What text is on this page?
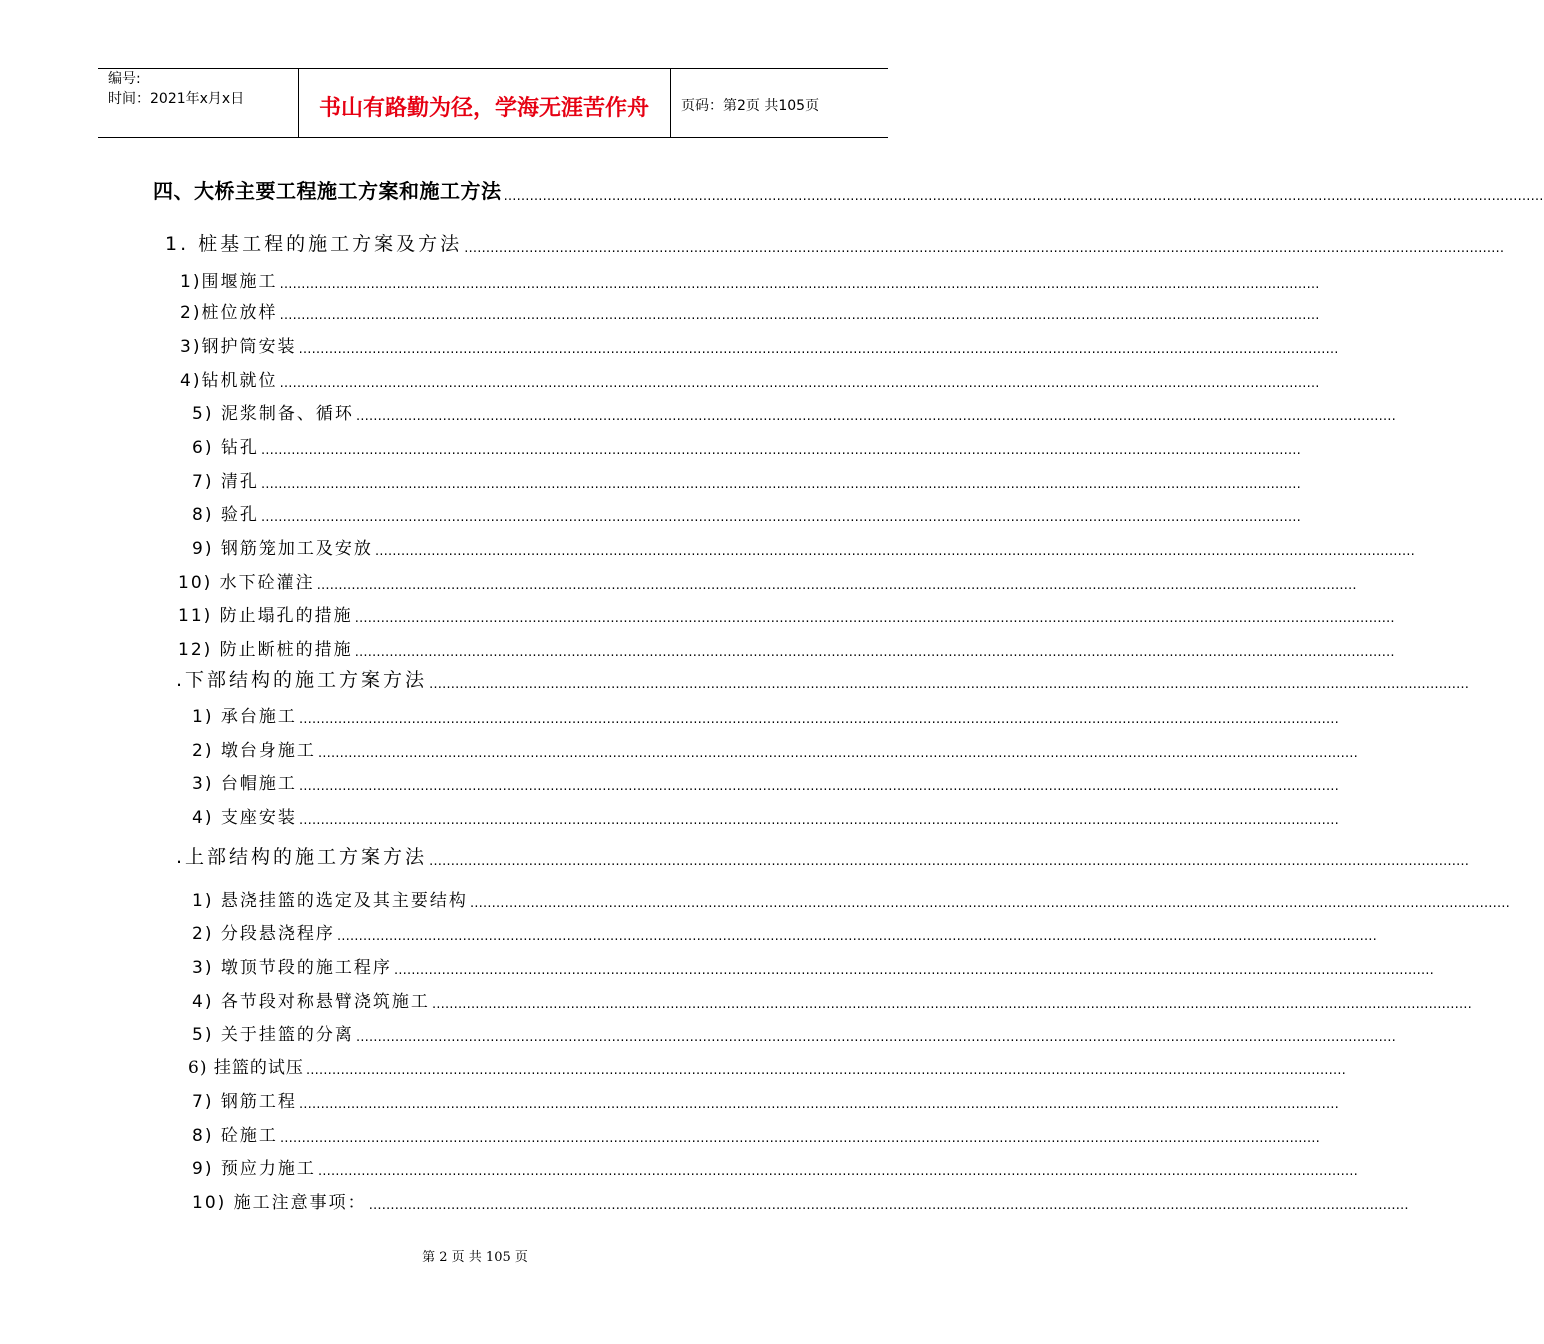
编号:
时间：2021年x月x日	书山有路勤为径，学海无涯苦作舟	页码：第2页 共105页
四、大桥主要工程施工方案和施工方法 ……………………………………………………………………………………………………………………………………………………………………………………………………………………
1. 桩基工程的施工方案及方法 ……………………………………………………………………………………………………………………………………………………………………………………………………………………
1)围堰施工 ……………………………………………………………………………………………………………………………………………………………………………………………………………………
2)桩位放样 ……………………………………………………………………………………………………………………………………………………………………………………………………………………
3)钢护筒安装 ……………………………………………………………………………………………………………………………………………………………………………………………………………………
4)钻机就位 ……………………………………………………………………………………………………………………………………………………………………………………………………………………
5) 泥浆制备、循环 ……………………………………………………………………………………………………………………………………………………………………………………………………………………
6) 钻孔 ……………………………………………………………………………………………………………………………………………………………………………………………………………………
7) 清孔 ……………………………………………………………………………………………………………………………………………………………………………………………………………………
8) 验孔 ……………………………………………………………………………………………………………………………………………………………………………………………………………………
9) 钢筋笼加工及安放 ……………………………………………………………………………………………………………………………………………………………………………………………………………………
10) 水下砼灌注 ……………………………………………………………………………………………………………………………………………………………………………………………………………………
11) 防止塌孔的措施 ……………………………………………………………………………………………………………………………………………………………………………………………………………………
12) 防止断桩的措施 ……………………………………………………………………………………………………………………………………………………………………………………………………………………
.下部结构的施工方案方法 ……………………………………………………………………………………………………………………………………………………………………………………………………………………
1) 承台施工 ……………………………………………………………………………………………………………………………………………………………………………………………………………………
2) 墩台身施工 ……………………………………………………………………………………………………………………………………………………………………………………………………………………
3) 台帽施工 ……………………………………………………………………………………………………………………………………………………………………………………………………………………
4) 支座安装 ……………………………………………………………………………………………………………………………………………………………………………………………………………………
.上部结构的施工方案方法 ……………………………………………………………………………………………………………………………………………………………………………………………………………………
1) 悬浇挂篮的选定及其主要结构 ……………………………………………………………………………………………………………………………………………………………………………………………………………………
2) 分段悬浇程序 ……………………………………………………………………………………………………………………………………………………………………………………………………………………
3) 墩顶节段的施工程序 ……………………………………………………………………………………………………………………………………………………………………………………………………………………
4) 各节段对称悬臂浇筑施工 ……………………………………………………………………………………………………………………………………………………………………………………………………………………
5) 关于挂篮的分离 ……………………………………………………………………………………………………………………………………………………………………………………………………………………
6) 挂篮的试压 ……………………………………………………………………………………………………………………………………………………………………………………………………………………
7) 钢筋工程 ……………………………………………………………………………………………………………………………………………………………………………………………………………………
8) 砼施工 ……………………………………………………………………………………………………………………………………………………………………………………………………………………
9) 预应力施工 ……………………………………………………………………………………………………………………………………………………………………………………………………………………
10) 施工注意事项： ……………………………………………………………………………………………………………………………………………………………………………………………………………………
第 2 页 共 105 页
